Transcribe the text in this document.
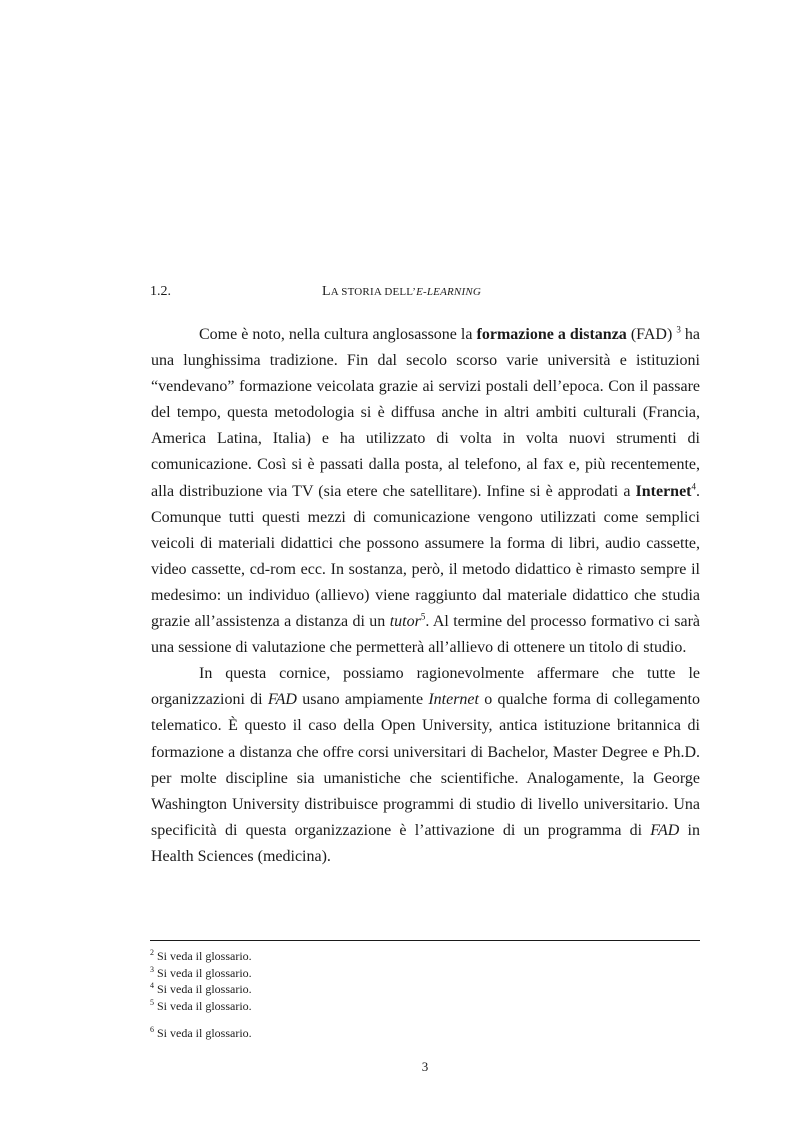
1.2.	LA STORIA DELL’E-LEARNING

Come è noto, nella cultura anglosassone la formazione a distanza (FAD) $^3$ ha una lunghissima tradizione. Fin dal secolo scorso varie università e istituzioni “vendevano” formazione veicolata grazie ai servizi postali dell’epoca. Con il passare del tempo, questa metodologia si è diffusa anche in altri ambiti culturali (Francia, America Latina, Italia) e ha utilizzato di volta in volta nuovi strumenti di comunicazione. Così si è passati dalla posta, al telefono, al fax e, più recentemente, alla distribuzione via TV (sia etere che satellitare). Infine si è approdati a Internet$^4$. Comunque tutti questi mezzi di comunicazione vengono utilizzati come semplici veicoli di materiali didattici che possono assumere la forma di libri, audio cassette, video cassette, cd-rom ecc. In sostanza, però, il metodo didattico è rimasto sempre il medesimo: un individuo (allievo) viene raggiunto dal materiale didattico che studia grazie all’assistenza a distanza di un tutor$^5$. Al termine del processo formativo ci sarà una sessione di valutazione che permetterà all’allievo di ottenere un titolo di studio.

In questa cornice, possiamo ragionevolmente affermare che tutte le organizzazioni di FAD usano ampiamente Internet o qualche forma di collegamento telematico. È questo il caso della Open University, antica istituzione britannica di formazione a distanza che offre corsi universitari di Bachelor, Master Degree e Ph.D. per molte discipline sia umanistiche che scientifiche. Analogamente, la George Washington University distribuisce programmi di studio di livello universitario. Una specificità di questa organizzazione è l’attivazione di un programma di FAD in Health Sciences (medicina).

$^2$ Si veda il glossario.
$^3$ Si veda il glossario.
$^4$ Si veda il glossario.
$^5$ Si veda il glossario.
$^6$ Si veda il glossario.
3
